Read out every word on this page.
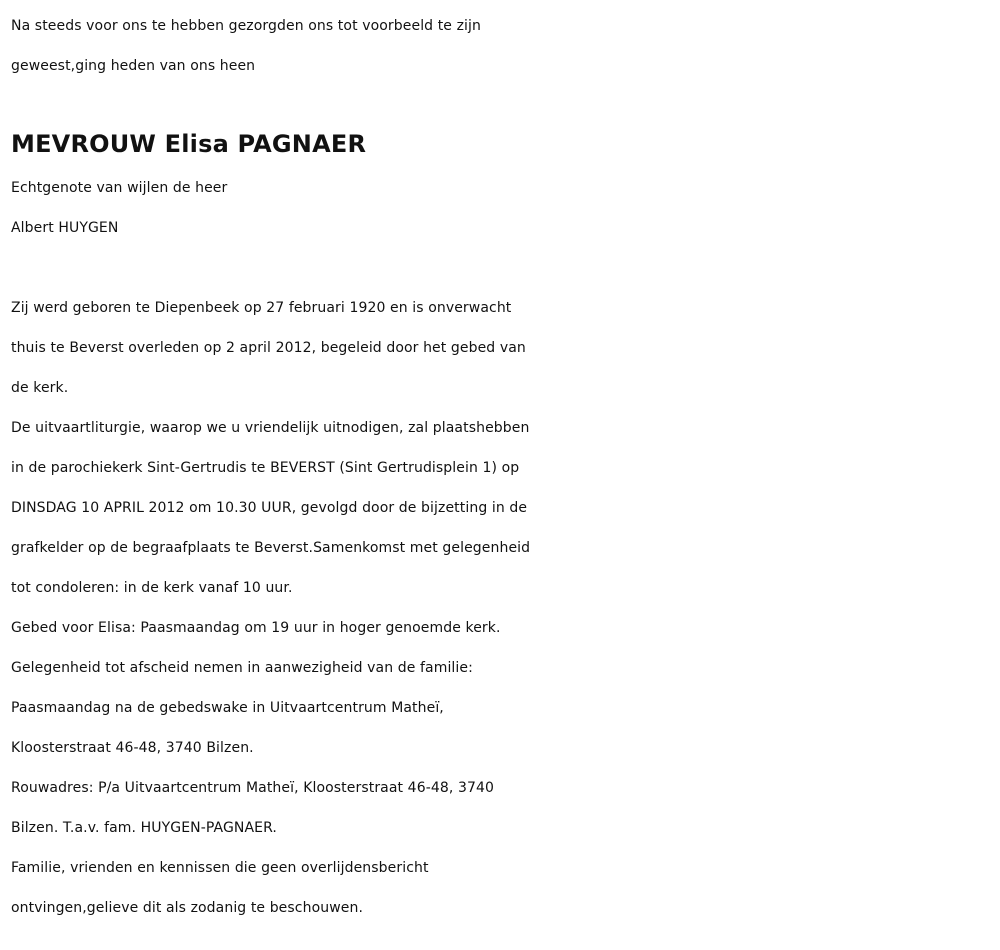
Na steeds voor ons te hebben gezorgden ons tot voorbeeld te zijn
geweest,ging heden van ons heen
MEVROUW Elisa PAGNAER
Echtgenote van wijlen de heer
Albert HUYGEN
Zij werd geboren te Diepenbeek op 27 februari 1920 en is onverwacht
thuis te Beverst overleden op 2 april 2012, begeleid door het gebed van
de kerk.
De uitvaartliturgie, waarop we u vriendelijk uitnodigen, zal plaatshebben
in de parochiekerk Sint-Gertrudis te BEVERST (Sint Gertrudisplein 1) op
DINSDAG 10 APRIL 2012 om 10.30 UUR, gevolgd door de bijzetting in de
grafkelder op de begraafplaats te Beverst.Samenkomst met gelegenheid
tot condoleren: in de kerk vanaf 10 uur.
Gebed voor Elisa: Paasmaandag om 19 uur in hoger genoemde kerk.
Gelegenheid tot afscheid nemen in aanwezigheid van de familie:
Paasmaandag na de gebedswake in Uitvaartcentrum Matheï,
Kloosterstraat 46-48, 3740 Bilzen.
Rouwadres: P/a Uitvaartcentrum Matheï, Kloosterstraat 46-48, 3740
Bilzen. T.a.v. fam. HUYGEN-PAGNAER.
Familie, vrienden en kennissen die geen overlijdensbericht
ontvingen,gelieve dit als zodanig te beschouwen.
